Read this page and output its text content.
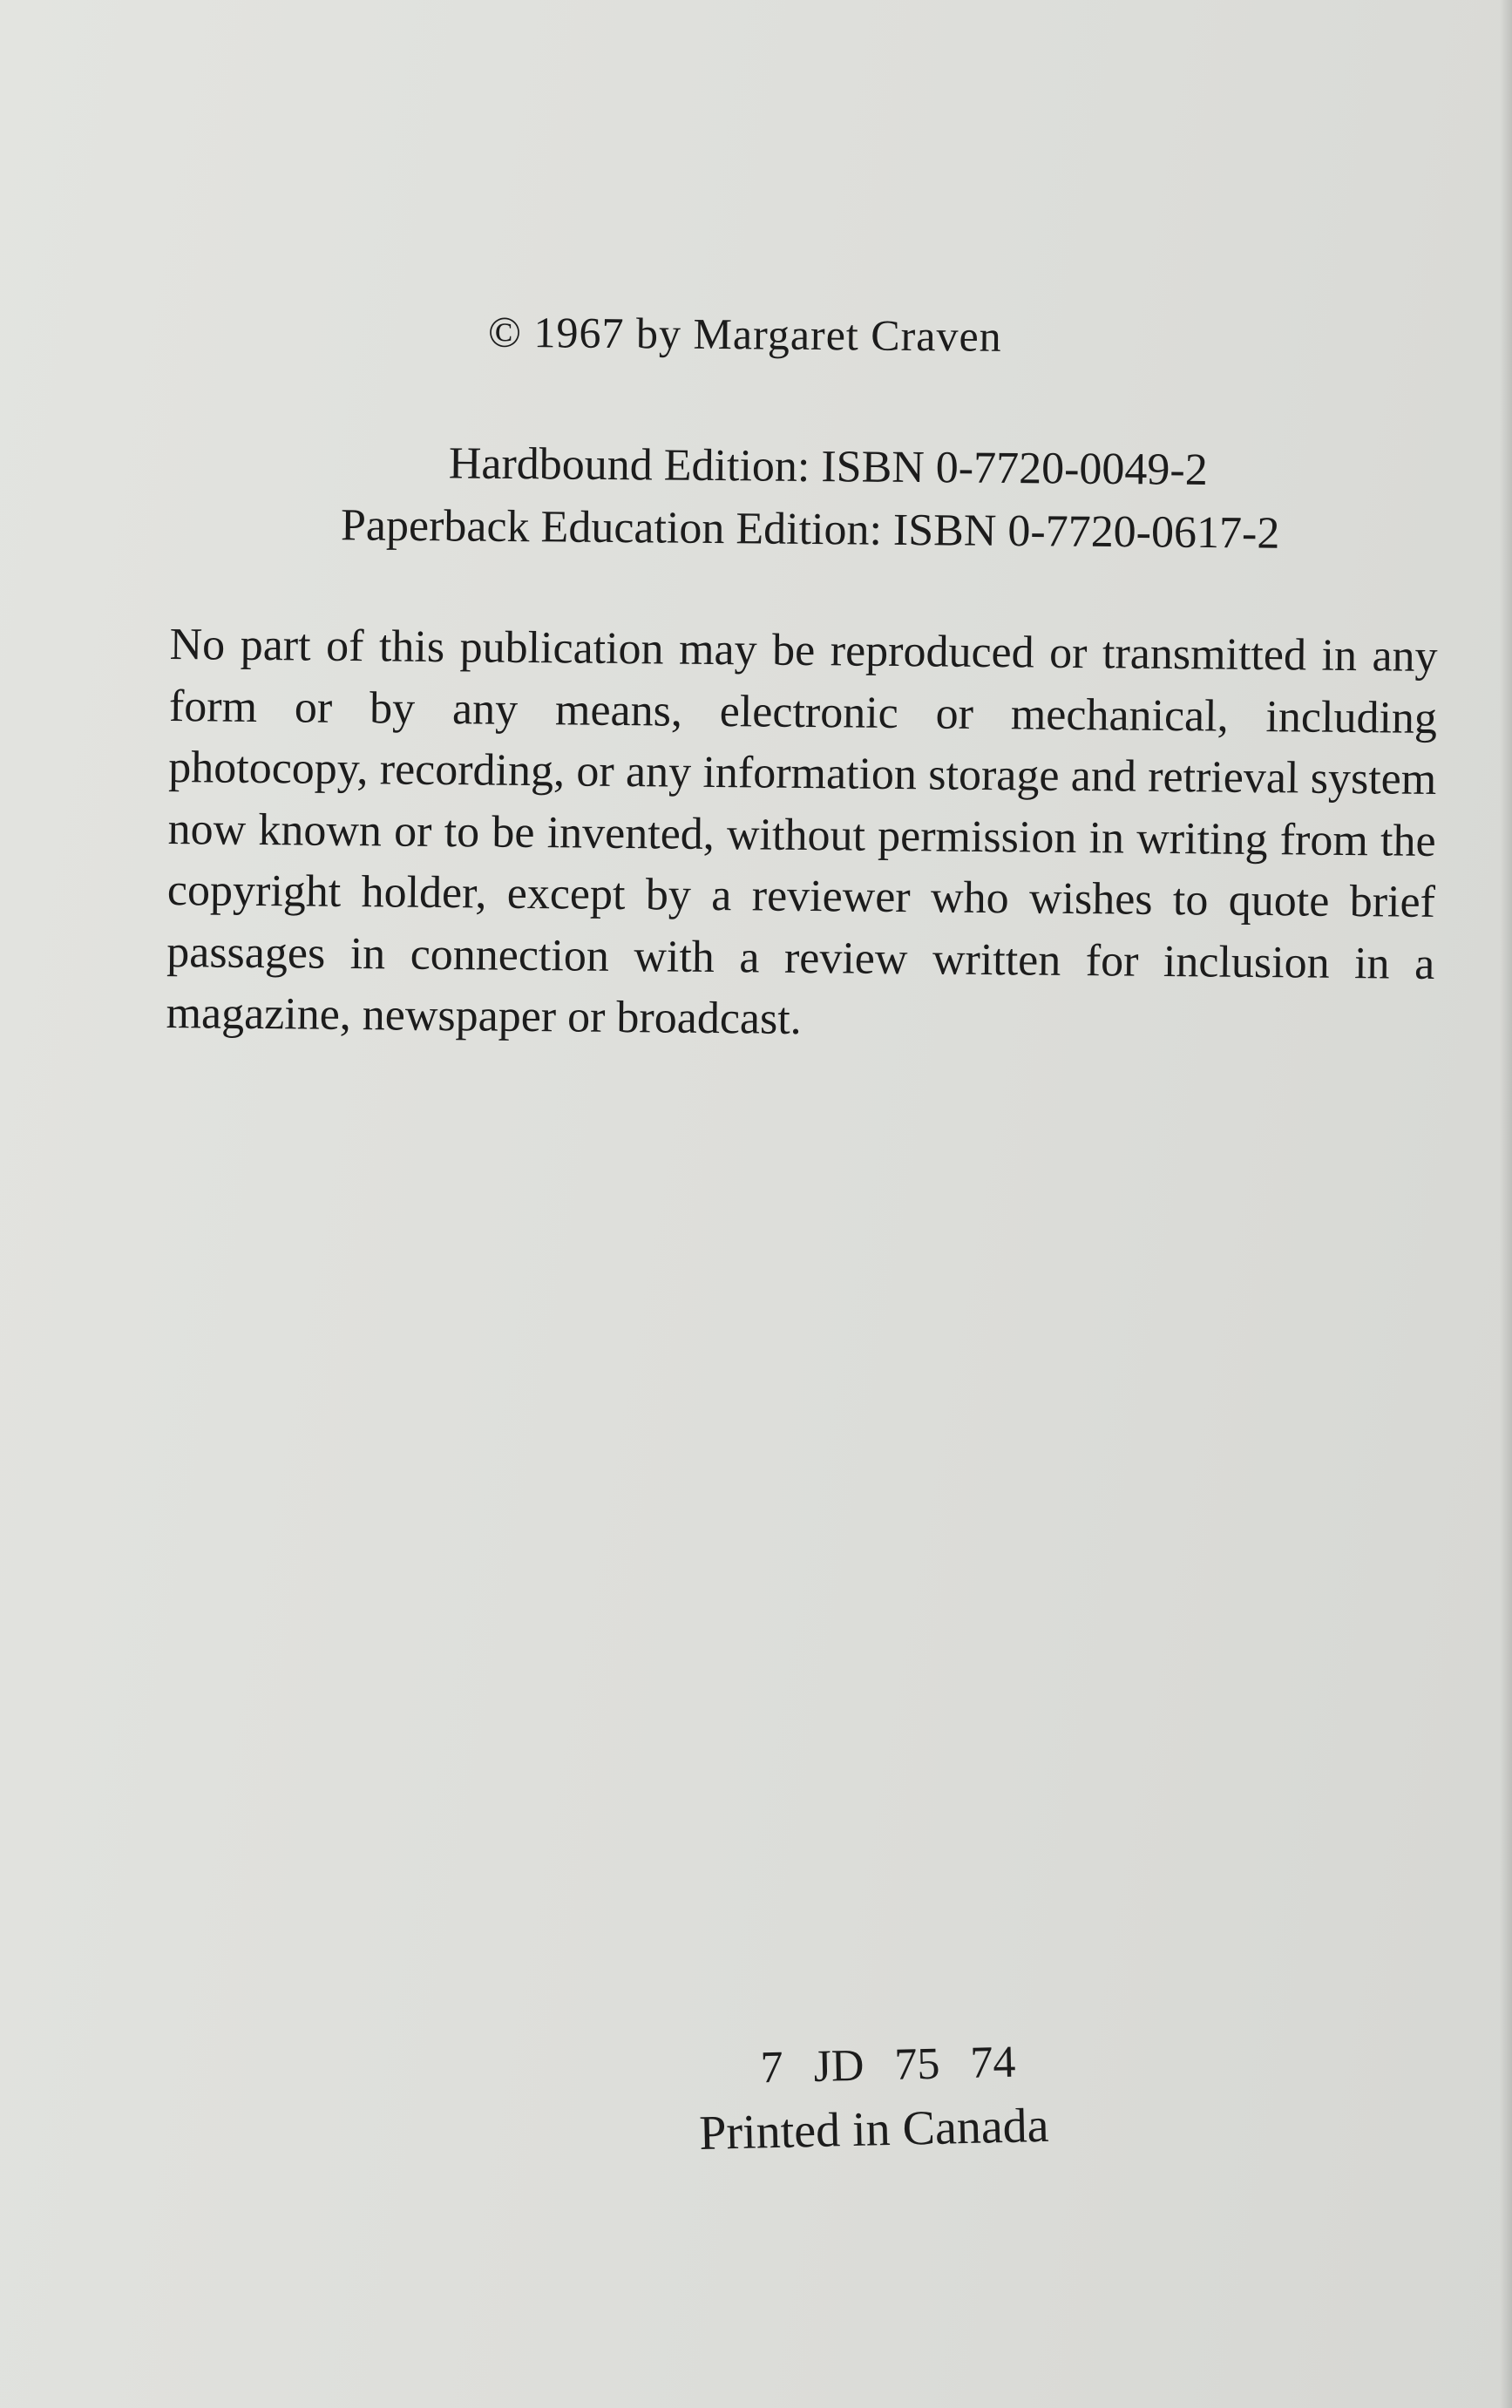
© 1967 by Margaret Craven
Hardbound Edition: ISBN 0-7720-0049-2
Paperback Education Edition: ISBN 0-7720-0617-2
No part of this publication may be reproduced or transmitted in any form or by any means, electronic or mechanical, including photocopy, recording, or any information storage and retrieval system now known or to be invented, without permission in writing from the copyright holder, except by a reviewer who wishes to quote brief passages in connection with a review written for inclusion in a magazine, newspaper or broadcast.
7 JD 75 74
Printed in Canada
